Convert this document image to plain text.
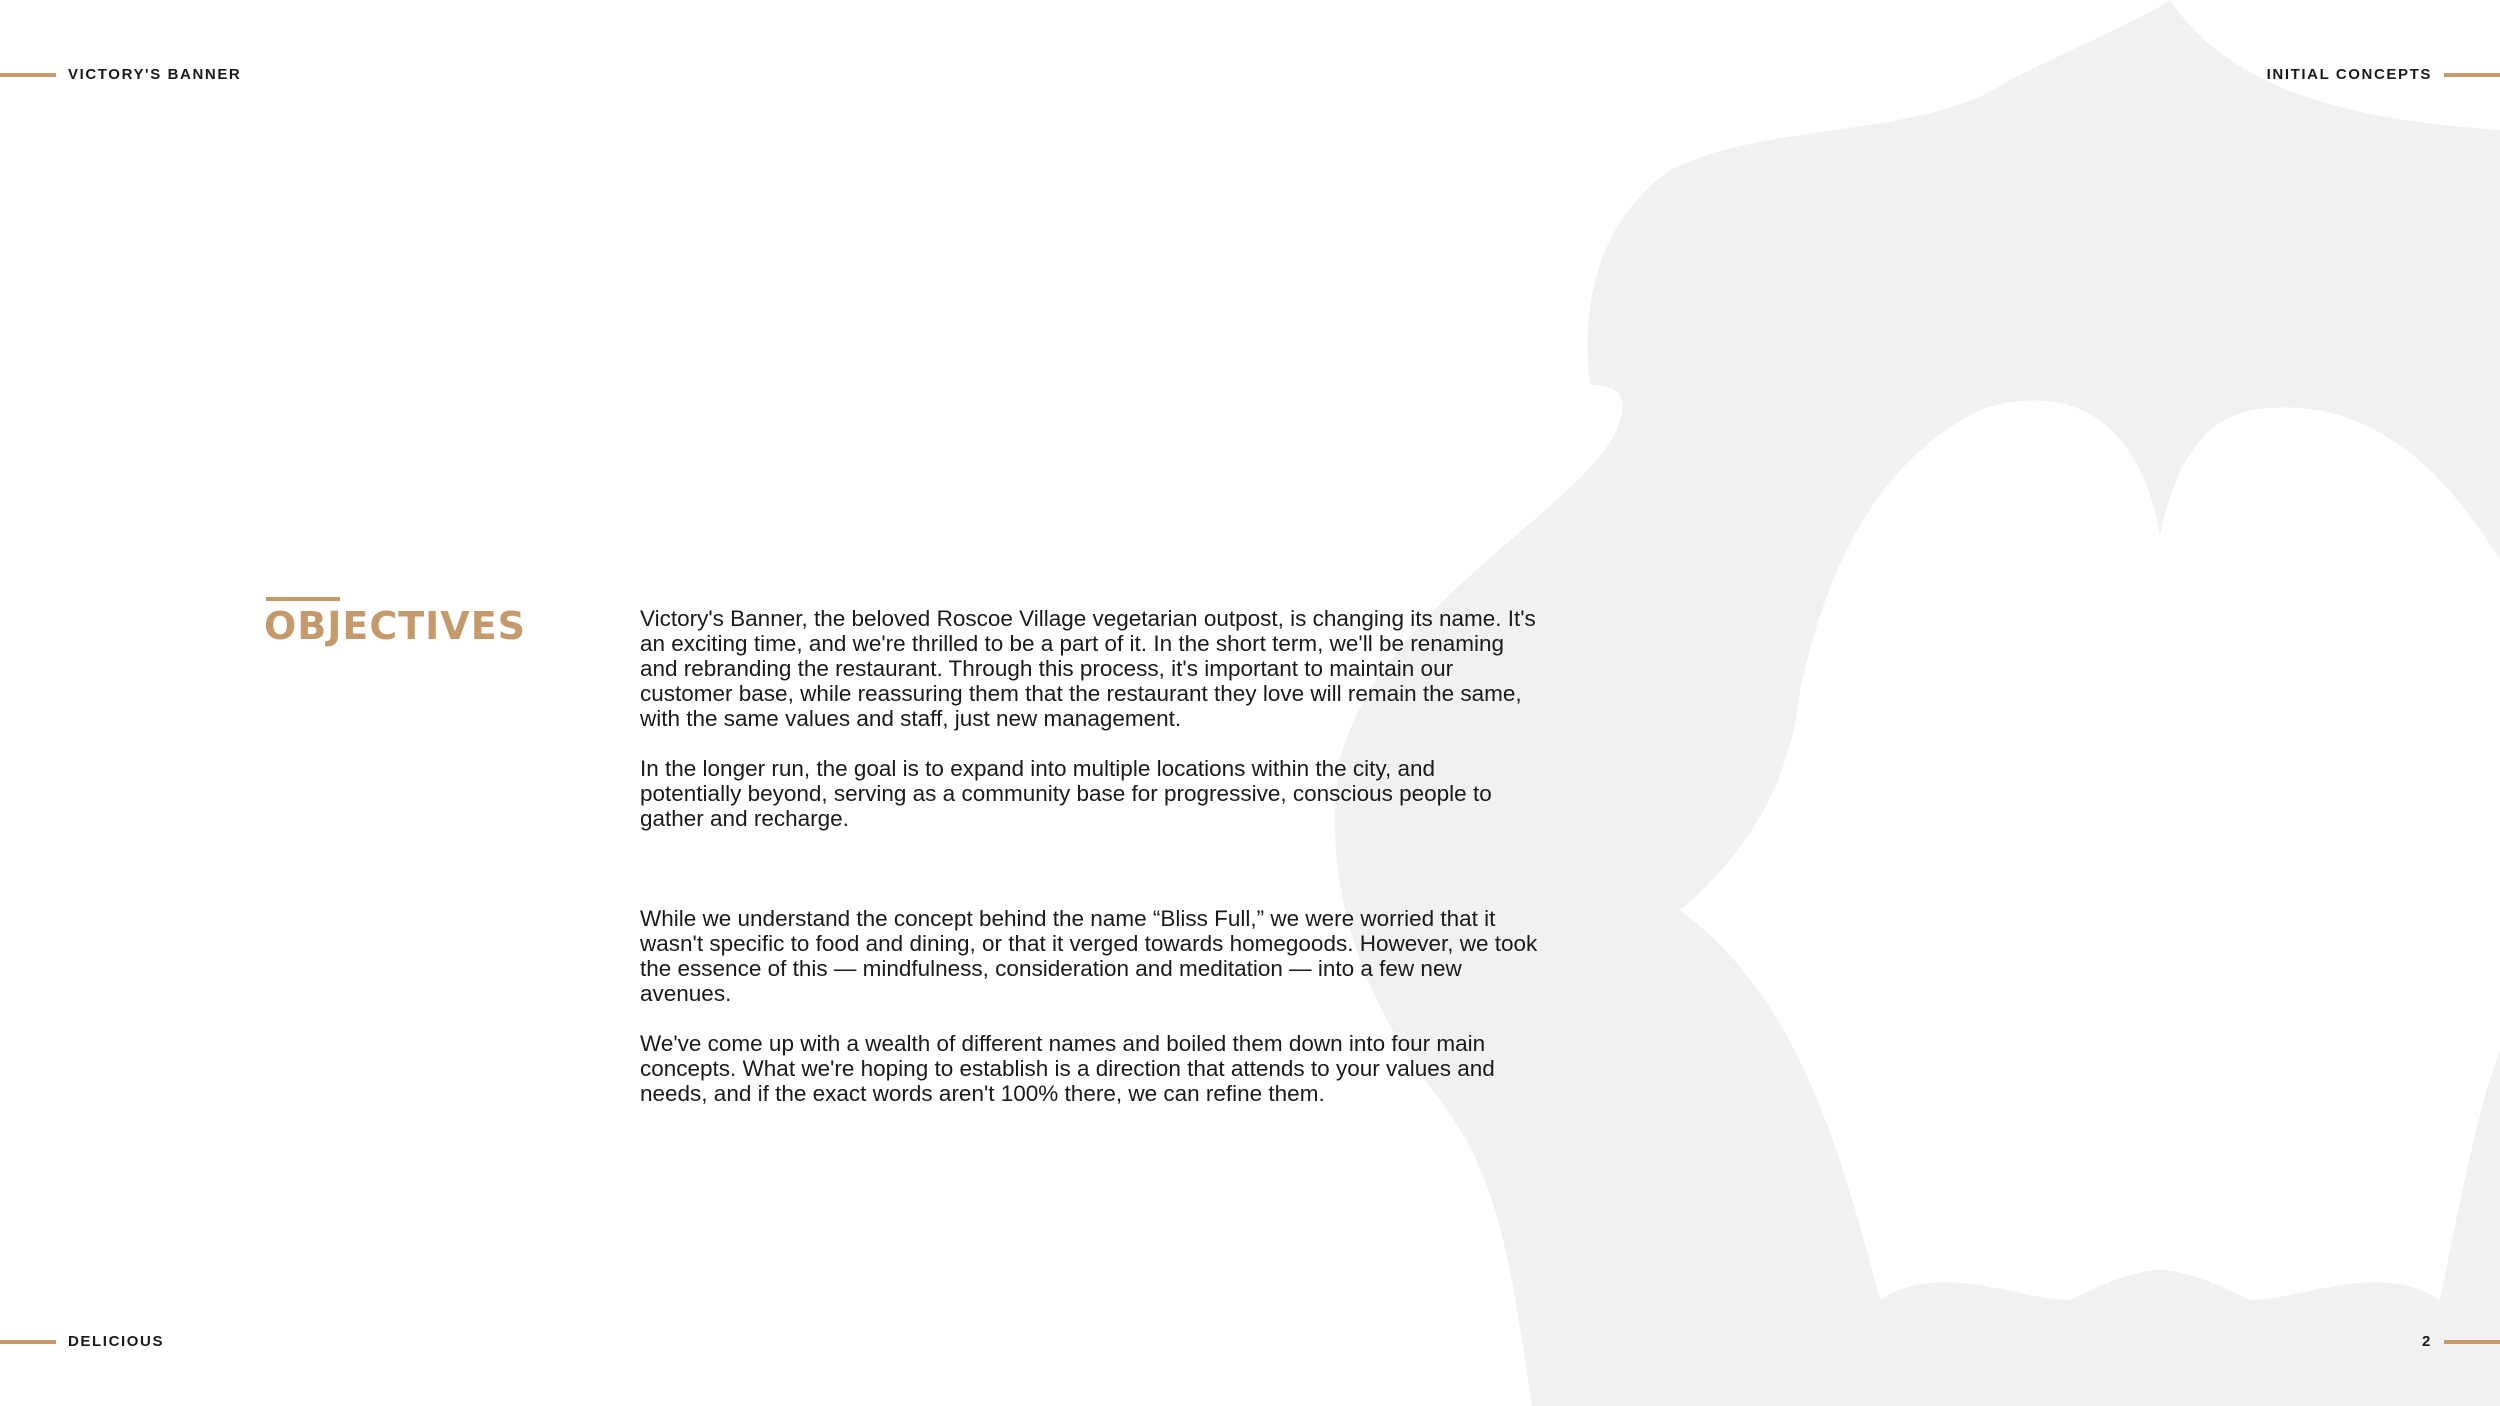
VICTORY'S BANNER	INITIAL CONCEPTS
DELICIOUS	2
OBJECTIVES	Victory's Banner, the beloved Roscoe Village vegetarian outpost, is changing its name. It's an exciting time, and we're thrilled to be a part of it. In the short term, we'll be renaming and rebranding the restaurant. Through this process, it's important to maintain our customer base, while reassuring them that the restaurant they love will remain the same, with the same values and staff, just new management.

In the longer run, the goal is to expand into multiple locations within the city, and potentially beyond, serving as a community base for progressive, conscious people to gather and recharge.

While we understand the concept behind the name “Bliss Full,” we were worried that it wasn't specific to food and dining, or that it verged towards homegoods. However, we took the essence of this — mindfulness, consideration and meditation — into a few new avenues.

We've come up with a wealth of different names and boiled them down into four main concepts. What we're hoping to establish is a direction that attends to your values and needs, and if the exact words aren't 100% there, we can refine them.
